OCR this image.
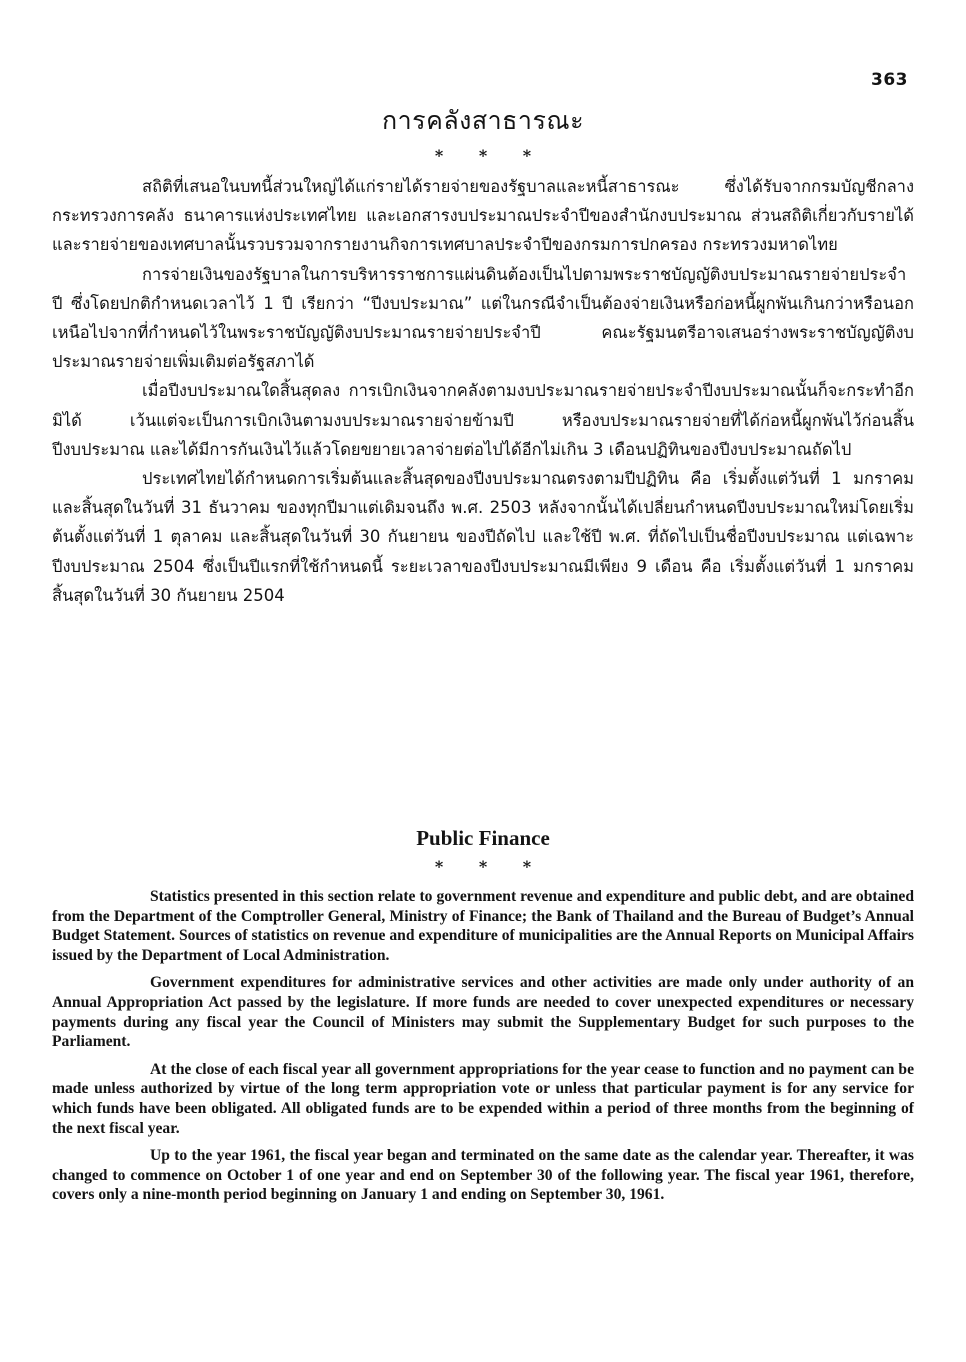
363
การคลังสาธารณะ
* * *

สถิติที่เสนอในบทนี้ส่วนใหญ่ได้แก่รายได้รายจ่ายของรัฐบาลและหนี้สาธารณะ ซึ่งได้รับจากกรมบัญชีกลาง กระทรวงการคลัง ธนาคารแห่งประเทศไทย และเอกสารงบประมาณประจำปีของสำนักงบประมาณ ส่วนสถิติเกี่ยวกับรายได้และรายจ่ายของเทศบาลนั้นรวบรวมจากรายงานกิจการเทศบาลประจำปีของกรมการปกครอง กระทรวงมหาดไทย

การจ่ายเงินของรัฐบาลในการบริหารราชการแผ่นดินต้องเป็นไปตามพระราชบัญญัติงบประมาณรายจ่ายประจำปี ซึ่งโดยปกติกำหนดเวลาไว้ 1 ปี เรียกว่า “ปีงบประมาณ” แต่ในกรณีจำเป็นต้องจ่ายเงินหรือก่อหนี้ผูกพันเกินกว่าหรือนอกเหนือไปจากที่กำหนดไว้ในพระราชบัญญัติงบประมาณรายจ่ายประจำปี คณะรัฐมนตรีอาจเสนอร่างพระราชบัญญัติงบประมาณรายจ่ายเพิ่มเติมต่อรัฐสภาได้

เมื่อปีงบประมาณใดสิ้นสุดลง การเบิกเงินจากคลังตามงบประมาณรายจ่ายประจำปีงบประมาณนั้นก็จะกระทำอีกมิได้ เว้นแต่จะเป็นการเบิกเงินตามงบประมาณรายจ่ายข้ามปี หรืองบประมาณรายจ่ายที่ได้ก่อหนี้ผูกพันไว้ก่อนสิ้นปีงบประมาณ และได้มีการกันเงินไว้แล้วโดยขยายเวลาจ่ายต่อไปได้อีกไม่เกิน 3 เดือนปฏิทินของปีงบประมาณถัดไป

ประเทศไทยได้กำหนดการเริ่มต้นและสิ้นสุดของปีงบประมาณตรงตามปีปฏิทิน คือ เริ่มตั้งแต่วันที่ 1 มกราคม และสิ้นสุดในวันที่ 31 ธันวาคม ของทุกปีมาแต่เดิมจนถึง พ.ศ. 2503 หลังจากนั้นได้เปลี่ยนกำหนดปีงบประมาณใหม่โดยเริ่มต้นตั้งแต่วันที่ 1 ตุลาคม และสิ้นสุดในวันที่ 30 กันยายน ของปีถัดไป และใช้ปี พ.ศ. ที่ถัดไปเป็นชื่อปีงบประมาณ แต่เฉพาะปีงบประมาณ 2504 ซึ่งเป็นปีแรกที่ใช้กำหนดนี้ ระยะเวลาของปีงบประมาณมีเพียง 9 เดือน คือ เริ่มตั้งแต่วันที่ 1 มกราคม สิ้นสุดในวันที่ 30 กันยายน 2504

Public Finance
* * *

Statistics presented in this section relate to government revenue and expenditure and public debt, and are obtained from the Department of the Comptroller General, Ministry of Finance; the Bank of Thailand and the Bureau of Budget’s Annual Budget Statement. Sources of statistics on revenue and expenditure of municipalities are the Annual Reports on Municipal Affairs issued by the Department of Local Administration.

Government expenditures for administrative services and other activities are made only under authority of an Annual Appropriation Act passed by the legislature. If more funds are needed to cover unexpected expenditures or necessary payments during any fiscal year the Council of Ministers may submit the Supplementary Budget for such purposes to the Parliament.

At the close of each fiscal year all government appropriations for the year cease to function and no payment can be made unless authorized by virtue of the long term appropriation vote or unless that particular payment is for any service for which funds have been obligated. All obligated funds are to be expended within a period of three months from the beginning of the next fiscal year.

Up to the year 1961, the fiscal year began and terminated on the same date as the calendar year. Thereafter, it was changed to commence on October 1 of one year and end on September 30 of the following year. The fiscal year 1961, therefore, covers only a nine-month period beginning on January 1 and ending on September 30, 1961.
